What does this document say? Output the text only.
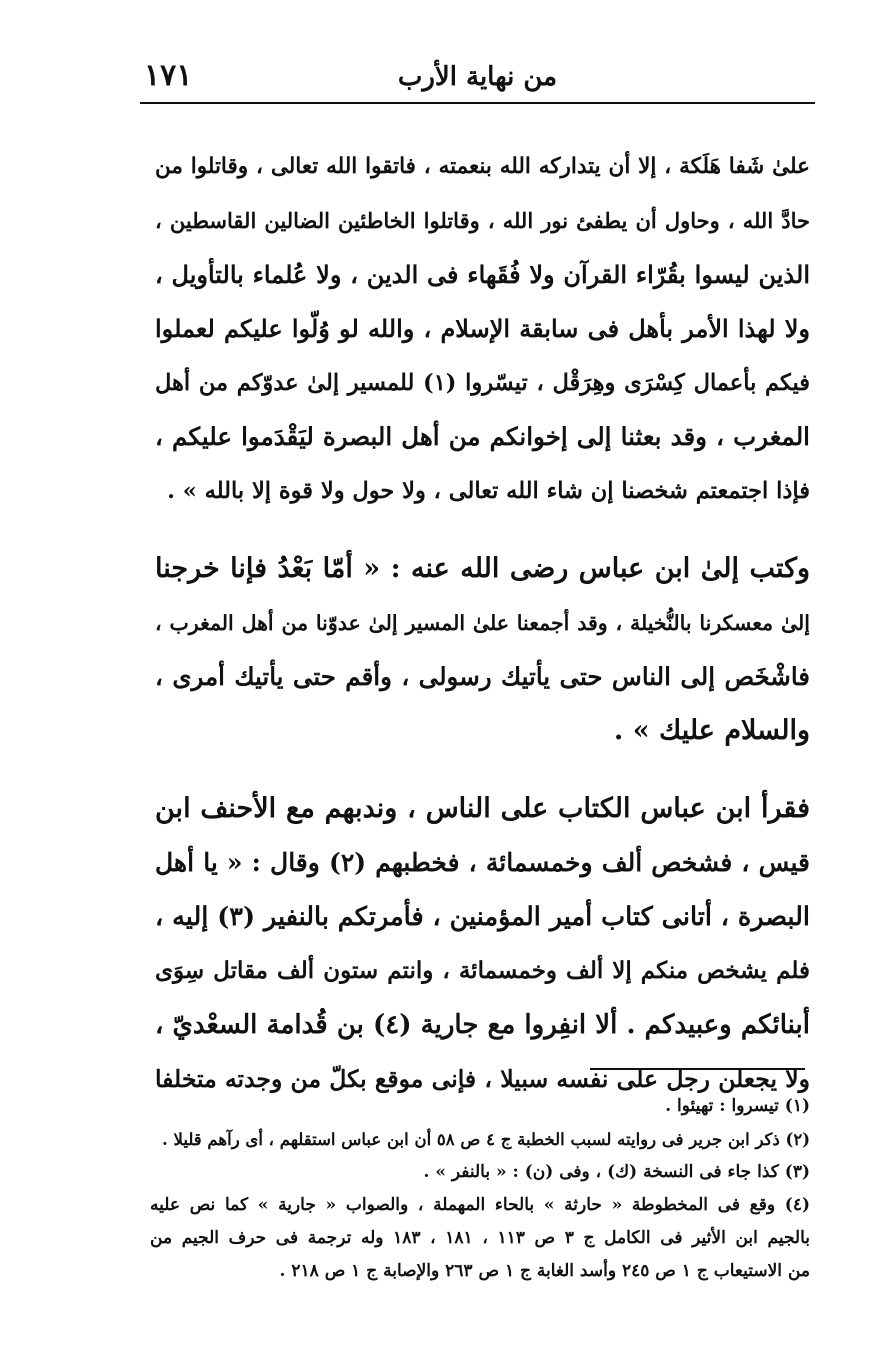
١٧١	من نهاية الأرب
علىٰ شَفا هَلَكة ، إلا أن يتداركه الله بنعمته ، فاتقوا الله تعالى ، وقاتلوا من
حادَّ الله ، وحاول أن يطفئ نور الله ، وقاتلوا الخاطئين الضالين القاسطين ،
الذين ليسوا بقُرّاء القرآن ولا فُقَهاء فى الدين ، ولا عُلماء بالتأويل ،
ولا لهذا الأمر بأهل فى سابقة الإسلام ، والله لو وُلّوا عليكم لعملوا
فيكم بأعمال كِسْرَى وهِرَقْل ، تيسّروا (١) للمسير إلىٰ عدوّكم من أهل
المغرب ، وقد بعثنا إلى إخوانكم من أهل البصرة ليَقْدَموا عليكم ،
فإذا اجتمعتم شخصنا إن شاء الله تعالى ، ولا حول ولا قوة إلا بالله » .
وكتب إلىٰ ابن عباس رضى الله عنه : « أمّا بَعْدُ فإنا خرجنا
إلىٰ معسكرنا بالنُّخيلة ، وقد أجمعنا علىٰ المسير إلىٰ عدوّنا من أهل المغرب ،
فاشْخَص إلى الناس حتى يأتيك رسولى ، وأقم حتى يأتيك أمرى ،
والسلام عليك » .
فقرأ ابن عباس الكتاب على الناس ، وندبهم مع الأحنف ابن
قيس ، فشخص ألف وخمسمائة ، فخطبهم (٢) وقال : « يا أهل
البصرة ، أتانى كتاب أمير المؤمنين ، فأمرتكم بالنفير (٣) إليه ،
فلم يشخص منكم إلا ألف وخمسمائة ، وانتم ستون ألف مقاتل سِوَى
أبنائكم وعبيدكم . ألا انفِروا مع جارية (٤) بن قُدامة السعْديّ ،
ولا يجعلن رجل على نفسه سبيلا ، فإنى موقع بكلّ من وجدته متخلفا
(١) تيسروا : تهيئوا .
(٢) ذكر ابن جرير فى روايته لسبب الخطبة ج ٤ ص ٥٨ أن ابن عباس استقلهم ، أى رآهم قليلا .
(٣) كذا جاء فى النسخة (ك) ، وفى (ن) : « بالنفر » .
(٤) وقع فى المخطوطة « حارثة » بالحاء المهملة ، والصواب « جارية » كما نص عليه
بالجيم ابن الأثير فى الكامل ج ٣ ص ١١٣ ، ١٨١ ، ١٨٣ وله ترجمة فى حرف الجيم من
من الاستيعاب ج ١ ص ٢٤٥ وأسد الغابة ج ١ ص ٢٦٣ والإصابة ج ١ ص ٢١٨ .
